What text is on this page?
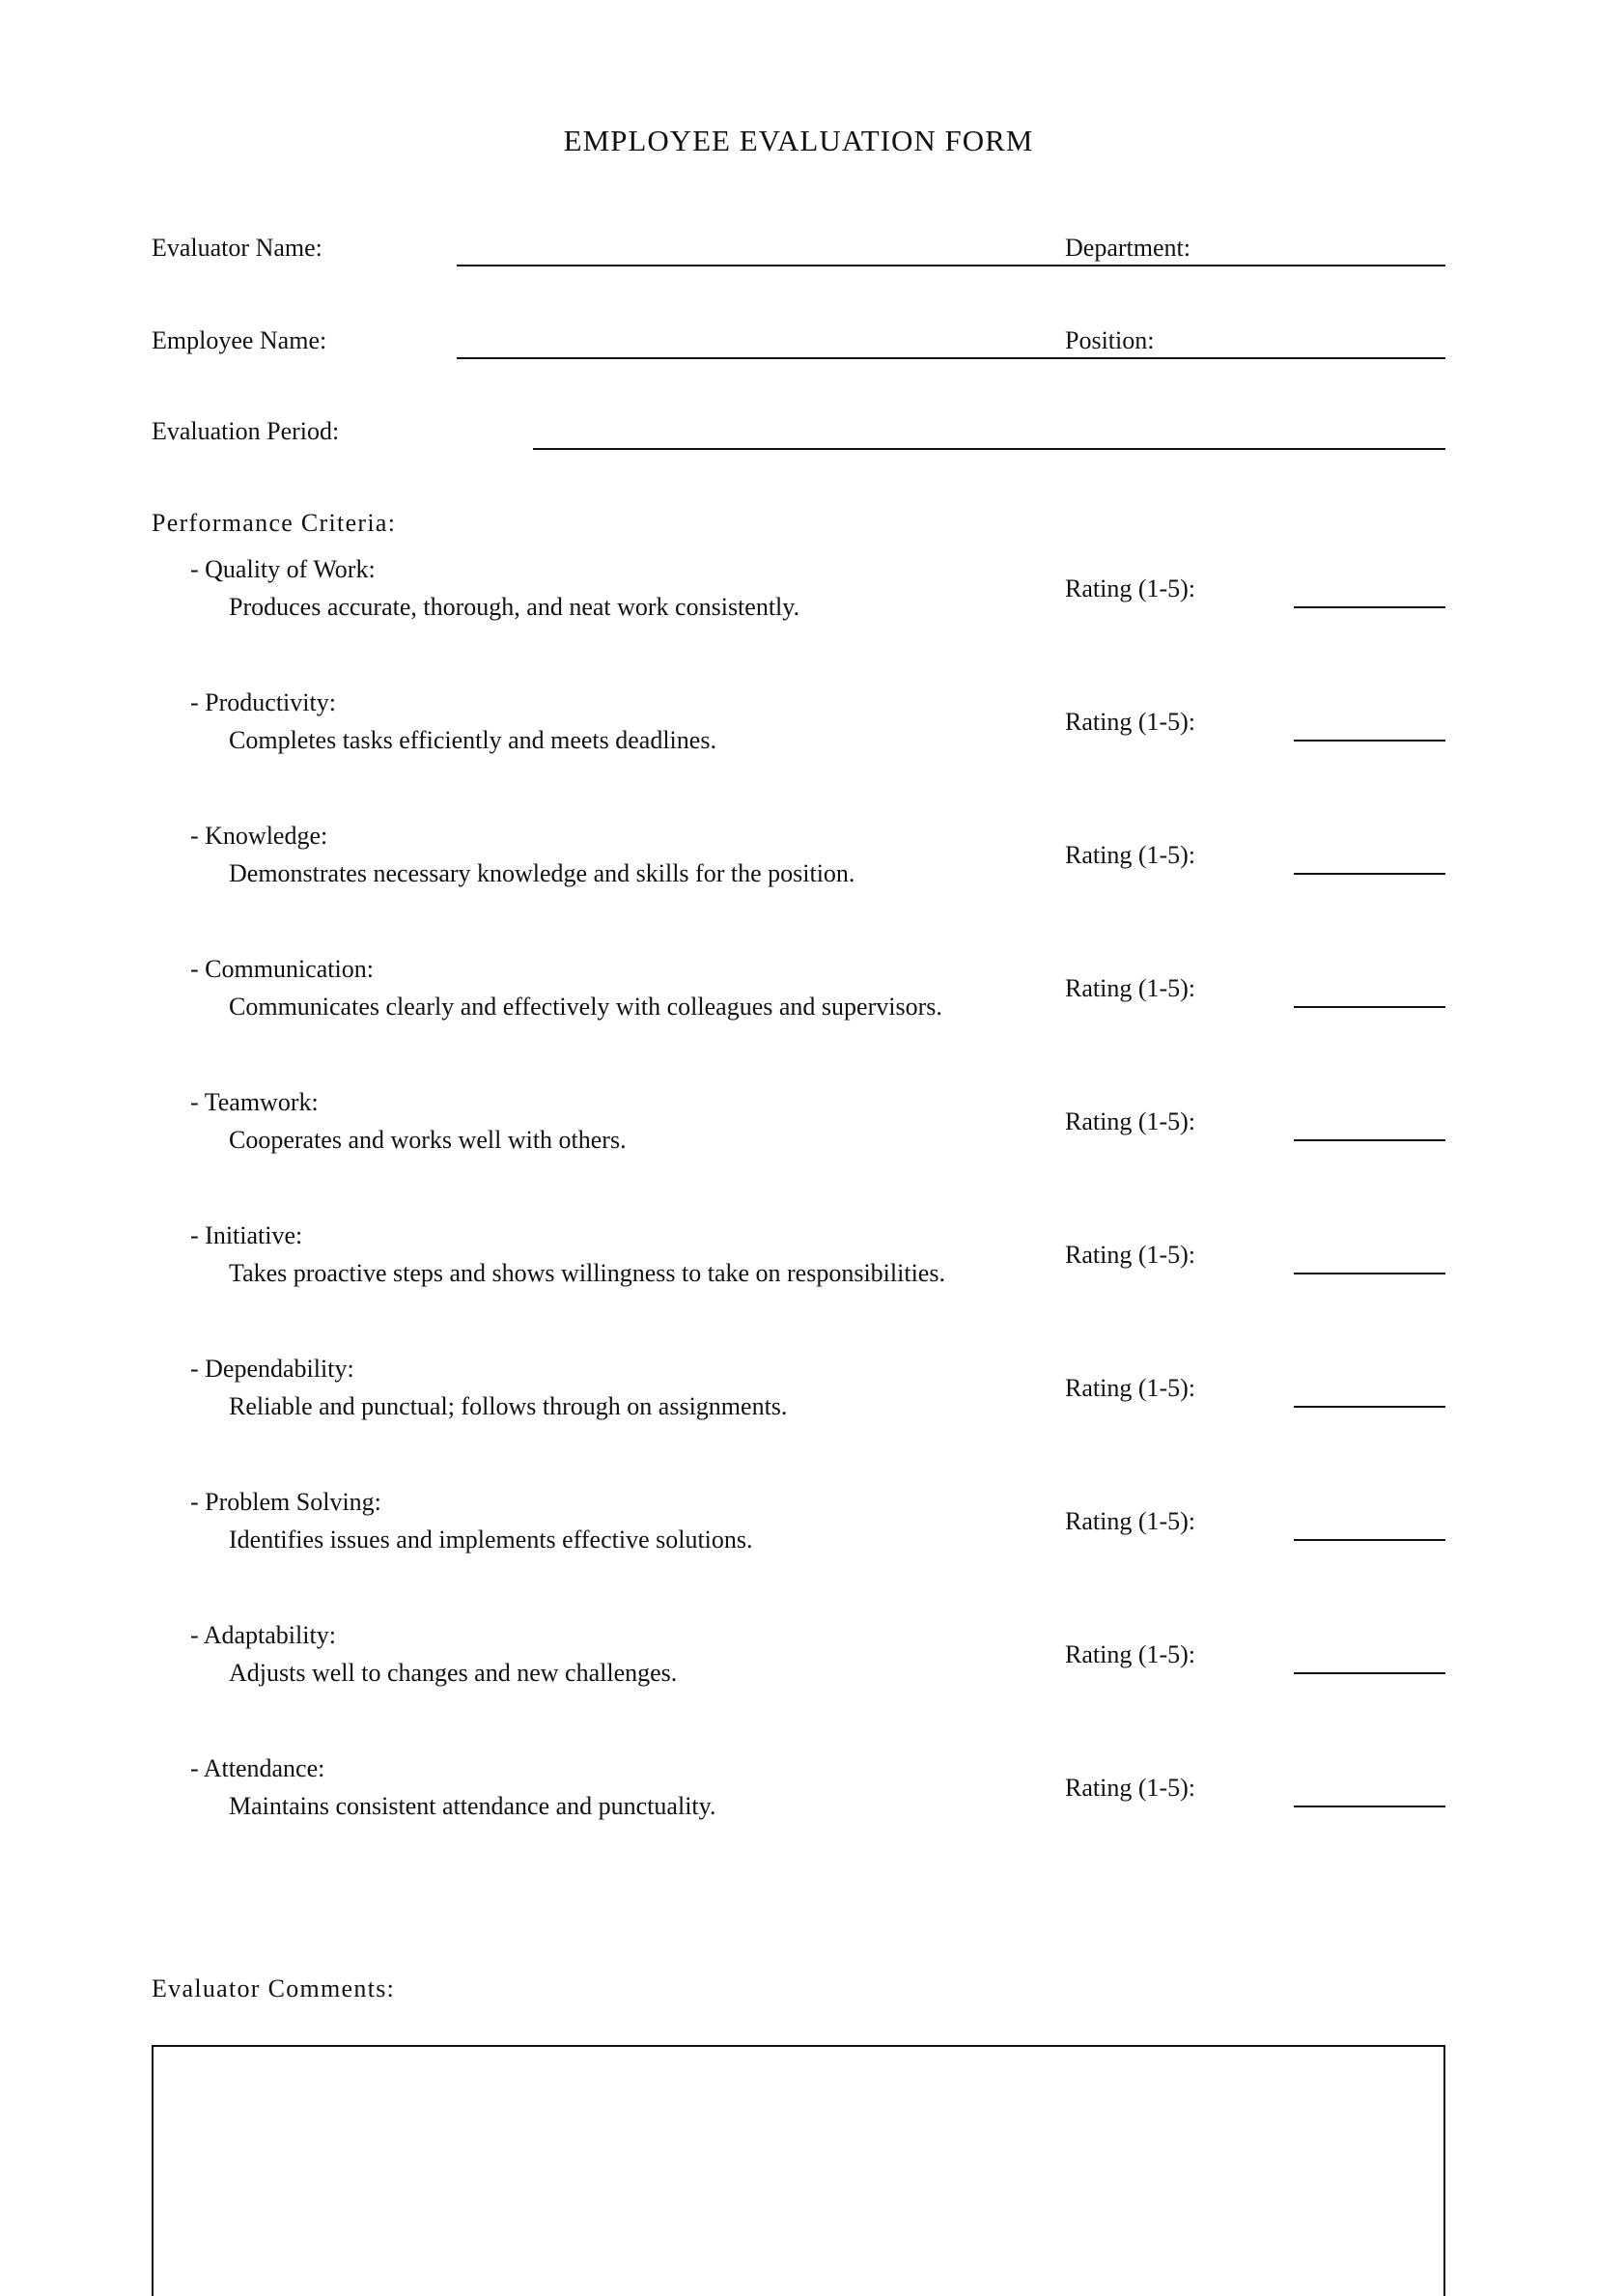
EMPLOYEE EVALUATION FORM
Evaluator Name:	Department:
Employee Name:	Position:
Evaluation Period:
Performance Criteria:
- Quality of Work:
Produces accurate, thorough, and neat work consistently.
Rating (1-5):
- Productivity:
Completes tasks efficiently and meets deadlines.
Rating (1-5):
- Knowledge:
Demonstrates necessary knowledge and skills for the position.
Rating (1-5):
- Communication:
Communicates clearly and effectively with colleagues and supervisors.
Rating (1-5):
- Teamwork:
Cooperates and works well with others.
Rating (1-5):
- Initiative:
Takes proactive steps and shows willingness to take on responsibilities.
Rating (1-5):
- Dependability:
Reliable and punctual; follows through on assignments.
Rating (1-5):
- Problem Solving:
Identifies issues and implements effective solutions.
Rating (1-5):
- Adaptability:
Adjusts well to changes and new challenges.
Rating (1-5):
- Attendance:
Maintains consistent attendance and punctuality.
Rating (1-5):
Evaluator Comments:
